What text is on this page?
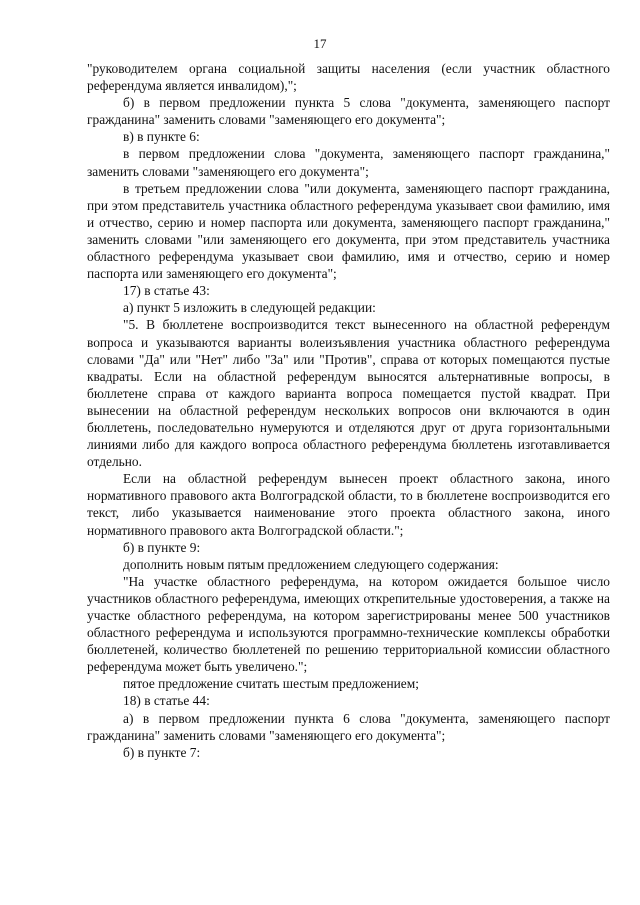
17

"руководителем органа социальной защиты населения (если участник областного референдума является инвалидом),";

б) в первом предложении пункта 5 слова "документа, заменяющего паспорт гражданина" заменить словами "заменяющего его документа";

в) в пункте 6:

в первом предложении слова "документа, заменяющего паспорт гражданина," заменить словами "заменяющего его документа";

в третьем предложении слова "или документа, заменяющего паспорт гражданина, при этом представитель участника областного референдума указывает свои фамилию, имя и отчество, серию и номер паспорта или документа, заменяющего паспорт гражданина," заменить словами "или заменяющего его документа, при этом представитель участника областного референдума указывает свои фамилию, имя и отчество, серию и номер паспорта или заменяющего его документа";

17) в статье 43:

а) пункт 5 изложить в следующей редакции:

"5. В бюллетене воспроизводится текст вынесенного на областной референдум вопроса и указываются варианты волеизъявления участника областного референдума словами "Да" или "Нет" либо "За" или "Против", справа от которых помещаются пустые квадраты. Если на областной референдум выносятся альтернативные вопросы, в бюллетене справа от каждого варианта вопроса помещается пустой квадрат. При вынесении на областной референдум нескольких вопросов они включаются в один бюллетень, последовательно нумеруются и отделяются друг от друга горизонтальными линиями либо для каждого вопроса областного референдума бюллетень изготавливается отдельно.

Если на областной референдум вынесен проект областного закона, иного нормативного правового акта Волгоградской области, то в бюллетене воспроизводится его текст, либо указывается наименование этого проекта областного закона, иного нормативного правового акта Волгоградской области.";

б) в пункте 9:

дополнить новым пятым предложением следующего содержания:

"На участке областного референдума, на котором ожидается большое число участников областного референдума, имеющих открепительные удостоверения, а также на участке областного референдума, на котором зарегистрированы менее 500 участников областного референдума и используются программно-технические комплексы обработки бюллетеней, количество бюллетеней по решению территориальной комиссии областного референдума может быть увеличено.";

пятое предложение считать шестым предложением;

18) в статье 44:

а) в первом предложении пункта 6 слова "документа, заменяющего паспорт гражданина" заменить словами "заменяющего его документа";

б) в пункте 7:
